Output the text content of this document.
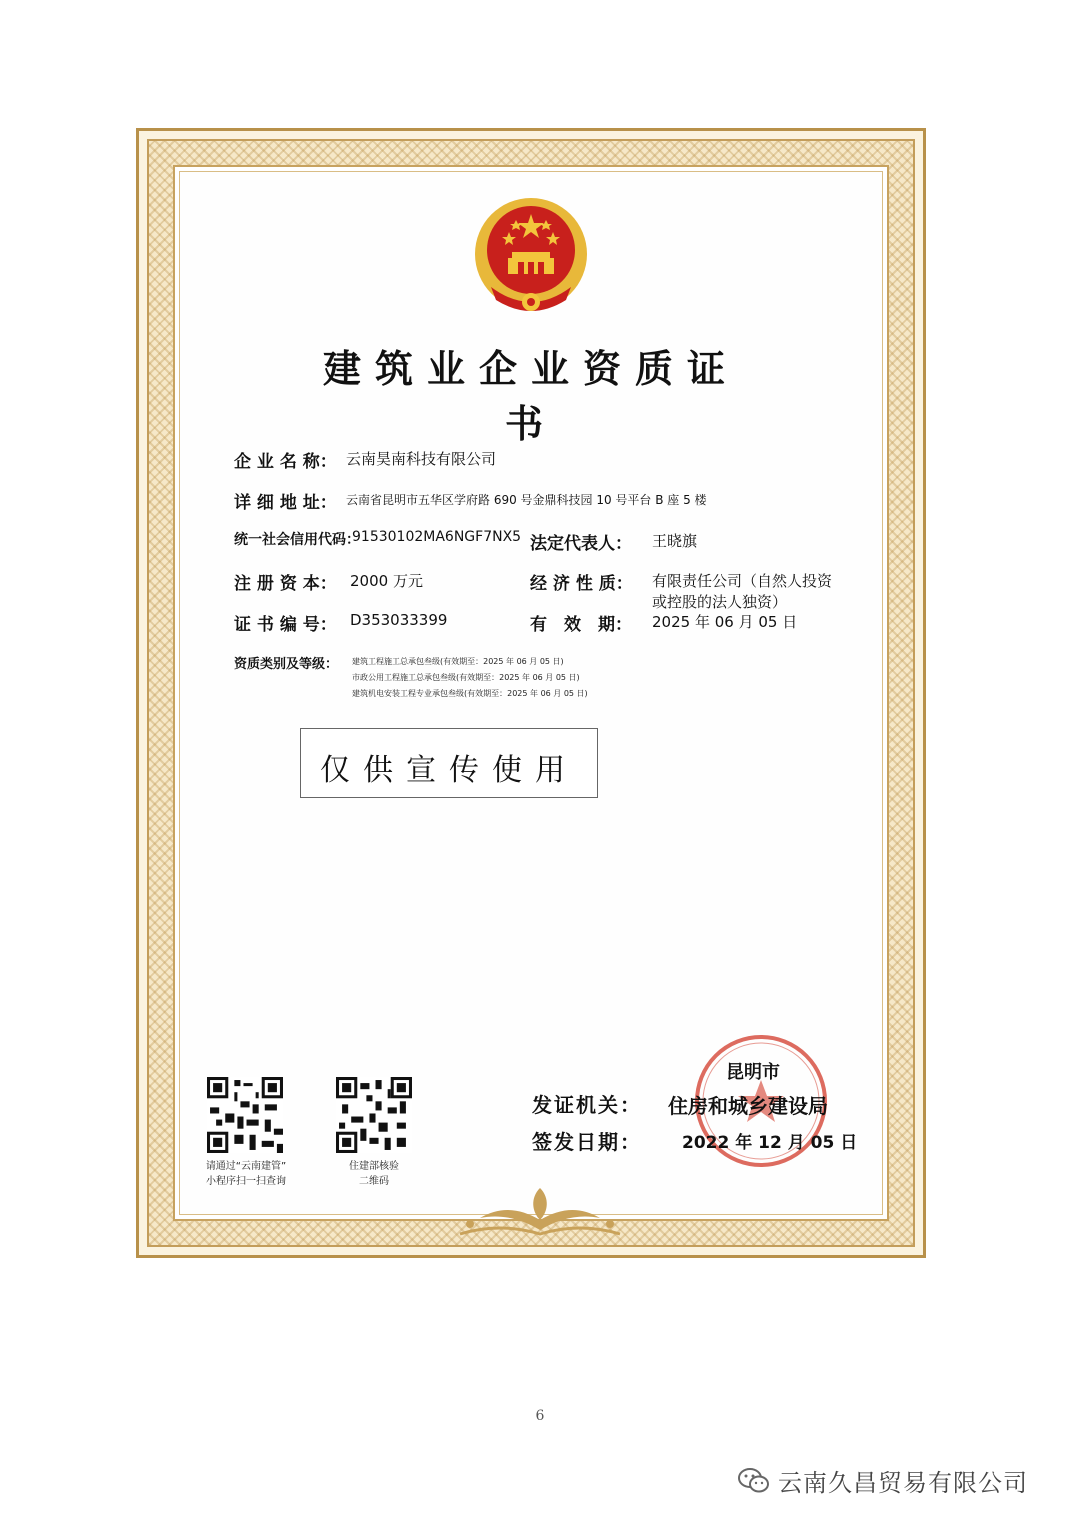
建筑业企业资质证书
企 业 名 称： 云南昊南科技有限公司
详 细 地 址： 云南省昆明市五华区学府路 690 号金鼎科技园 10 号平台 B 座 5 楼
统一社会信用代码：
91530102MA6NGF7NX5 法定代表人： 王晓旗
注 册 资 本： 2000 万元	经 济 性 质： 有限责任公司（自然人投资
或控股的法人独资）
证 书 编 号： D353033399	有　效　期： 2025 年 06 月 05 日
资质类别及等级： 建筑工程施工总承包叁级(有效期至：2025 年 06 月 05 日)
市政公用工程施工总承包叁级(有效期至：2025 年 06 月 05 日)
建筑机电安装工程专业承包叁级(有效期至：2025 年 06 月 05 日)
仅供宣传使用
请通过“云南建管”
小程序扫一扫查询
住建部核验
二维码
昆明市
发证机关： 住房和城乡建设局
签发日期： 2022 年 12 月 05 日
6
云南久昌贸易有限公司
